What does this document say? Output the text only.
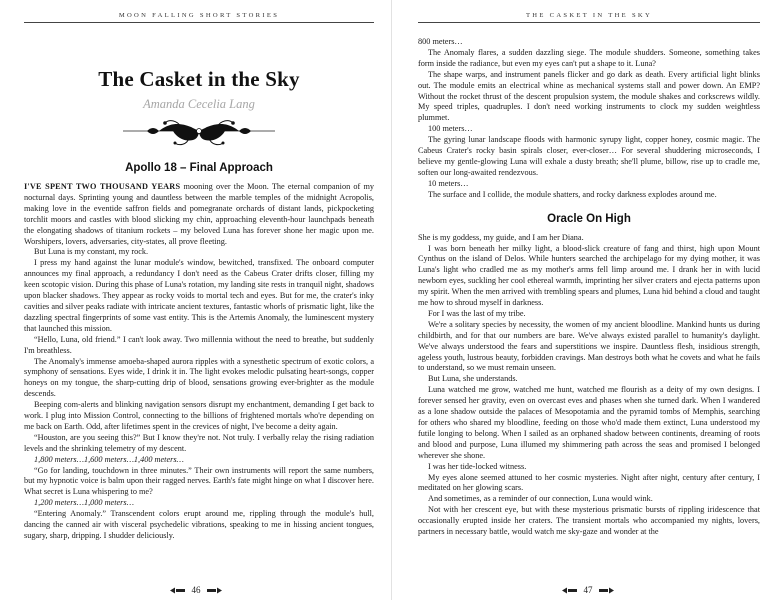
MOON FALLING SHORT STORIES
The Casket in the Sky
Amanda Cecelia Lang
Apollo 18 – Final Approach

I'VE SPENT TWO THOUSAND YEARS mooning over the Moon. The eternal companion of my nocturnal days. Sprinting young and dauntless between the marble temples of the midnight Acropolis, making love in the eventide saffron fields and pomegranate orchards of distant lands, pickpocketing torchlit moors and castles with blood slicking my chin, approaching eleventh-hour launchpads beneath the elongating shadows of titanium rockets – my beloved Luna has forever shone her magic upon me. Worshipers, lovers, adversaries, city-states, all prove fleeting.

But Luna is my constant, my rock.

I press my hand against the lunar module's window, bewitched, transfixed. The onboard computer announces my final approach, a redundancy I don't need as the Cabeus Crater drifts closer, filling my keen scotopic vision. During this phase of Luna's rotation, my landing site rests in tranquil night, shadows upon blacker shadows. They appear as rocky voids to mortal tech and eyes. But for me, the crater's inky cavities and silver peaks radiate with intricate ancient textures, fantastic whorls of prismatic light, like the dazzling spectral fingerprints of some vast entity. This is the Artemis Anomaly, the luminescent mystery that launched this mission.

“Hello, Luna, old friend.” I can't look away. Two millennia without the need to breathe, but suddenly I'm breathless.

The Anomaly's immense amoeba-shaped aurora ripples with a synesthetic spectrum of exotic colors, a symphony of sensations. Eyes wide, I drink it in. The light evokes melodic pulsating heart-songs, copper honeys on my tongue, the sharp-cutting drip of blood, sensations growing ever-brighter as the module descends.

Beeping com-alerts and blinking navigation sensors disrupt my enchantment, demanding I get back to work. I plug into Mission Control, connecting to the billions of frightened mortals who're depending on me back on Earth. Odd, after lifetimes spent in the crevices of night, I've become a deity again.

“Houston, are you seeing this?” But I know they're not. Not truly. I verbally relay the rising radiation levels and the shrinking telemetry of my descent.

1,800 meters…1,600 meters…1,400 meters…

“Go for landing, touchdown in three minutes.” Their own instruments will report the same numbers, but my hypnotic voice is balm upon their ragged nerves. Earth's fate might hinge on what I discover here. What secret is Luna whispering to me?

1,200 meters…1,000 meters…

“Entering Anomaly.” Transcendent colors erupt around me, rippling through the module's hull, dancing the canned air with visceral psychedelic vibrations, speaking to me in hissing ancient tongues, sugary, sharp, dripping. I shudder deliciously.

46
THE CASKET IN THE SKY

800 meters…

The Anomaly flares, a sudden dazzling siege. The module shudders. Someone, something takes form inside the radiance, but even my eyes can't put a shape to it. Luna?

The shape warps, and instrument panels flicker and go dark as death. Every artificial light blinks out. The module emits an electrical whine as mechanical systems stall and power down. An EMP? Without the rocket thrust of the descent propulsion system, the module shakes and corkscrews wildly. My speed triples, quadruples. I don't need working instruments to clock my sudden weightless plummet.

100 meters…

The gyring lunar landscape floods with harmonic syrupy light, copper honey, cosmic magic. The Cabeus Crater's rocky basin spirals closer, ever-closer… For several shuddering microseconds, I believe my gentle-glowing Luna will exhale a dusty breath; she'll plume, billow, rise up to cradle me, soften our long-awaited rendezvous.

10 meters…

The surface and I collide, the module shatters, and rocky darkness explodes around me.

Oracle On High

She is my goddess, my guide, and I am her Diana.

I was born beneath her milky light, a blood-slick creature of fang and thirst, high upon Mount Cynthus on the island of Delos. While hunters searched the archipelago for my dying mother, it was Luna's light who cradled me as my mother's arms fell limp around me. I drank her in with lucid newborn eyes, suckling her cool ethereal warmth, imprinting her silver craters and ejecta patterns upon my spirit. When the men arrived with trembling spears and plumes, Luna hid behind a cloud and taught me how to shroud myself in darkness.

For I was the last of my tribe.

We're a solitary species by necessity, the women of my ancient bloodline. Mankind hunts us during childbirth, and for that our numbers are bare. We've always existed parallel to humanity's daylight. We've always understood the fears and superstitions we inspire. Dauntless flesh, insidious strength, ageless youth, lustrous beauty, forbidden cravings. Man destroys both what he covets and what he fails to understand, so we must remain unseen.

But Luna, she understands.

Luna watched me grow, watched me hunt, watched me flourish as a deity of my own designs. I forever sensed her gravity, even on overcast eves and phases when she turned dark. When I wandered as a lone shadow outside the palaces of Mesopotamia and the pyramid tombs of Memphis, searching for others who shared my bloodline, feeding on those who'd made them extinct, Luna understood my futile longing to belong. When I sailed as an orphaned shadow between continents, dreaming of roots and blood and purpose, Luna illumed my shimmering path across the seas and promised I belonged wherever she shone.

I was her tide-locked witness.

My eyes alone seemed attuned to her cosmic mysteries. Night after night, century after century, I meditated on her glowing scars.

And sometimes, as a reminder of our connection, Luna would wink.

Not with her crescent eye, but with these mysterious prismatic bursts of rippling iridescence that occasionally erupted inside her craters. The transient mortals who accompanied my nights, lovers, partners in necessary battle, would watch me sky-gaze and wonder at the

47
